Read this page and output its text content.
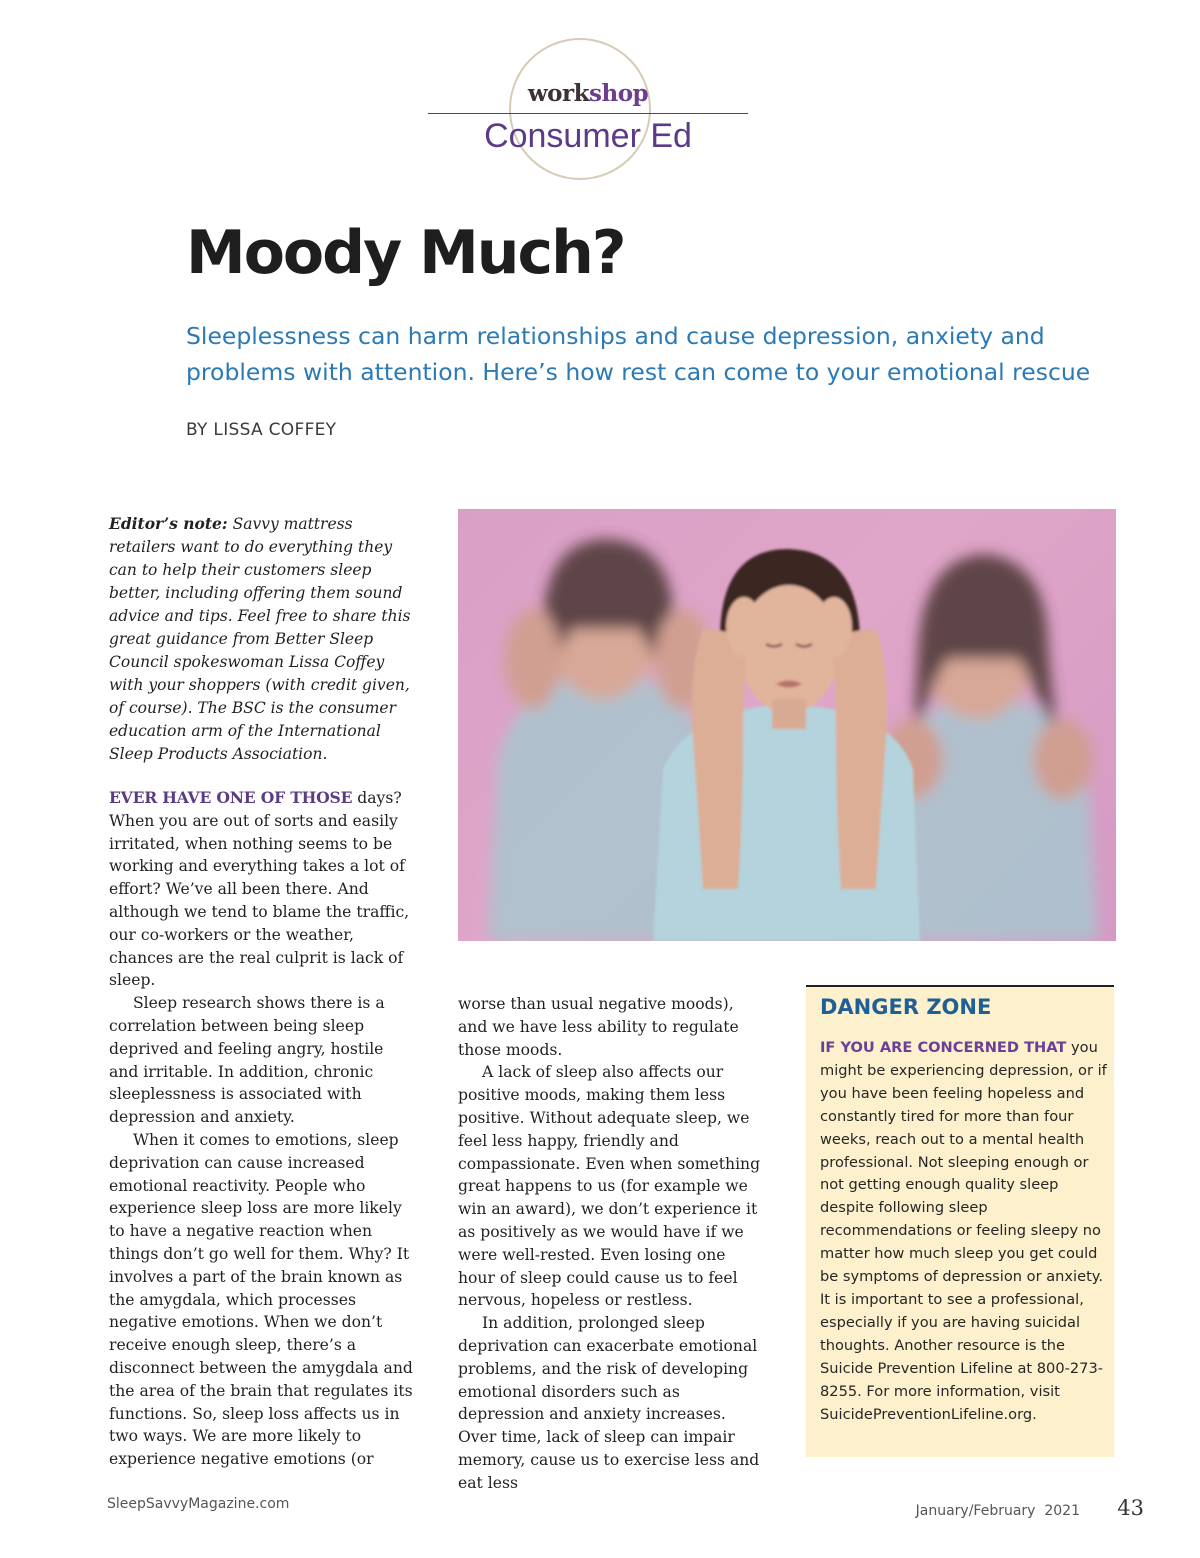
workshop
Consumer Ed
Moody Much?
Sleeplessness can harm relationships and cause depression, anxiety and problems with attention. Here’s how rest can come to your emotional rescue
BY LISSA COFFEY
Editor’s note: Savvy mattress retailers want to do everything they can to help their customers sleep better, including offering them sound advice and tips. Feel free to share this great guidance from Better Sleep Council spokeswoman Lissa Coffey with your shoppers (with credit given, of course). The BSC is the consumer education arm of the International Sleep Products Association.

EVER HAVE ONE OF THOSE days? When you are out of sorts and easily irritated, when nothing seems to be working and everything takes a lot of effort? We’ve all been there. And although we tend to blame the traffic, our co-workers or the weather, chances are the real culprit is lack of sleep.

Sleep research shows there is a correlation between being sleep deprived and feeling angry, hostile and irritable. In addition, chronic sleeplessness is associated with depression and anxiety.

When it comes to emotions, sleep deprivation can cause increased emotional reactivity. People who experience sleep loss are more likely to have a negative reaction when things don’t go well for them. Why? It involves a part of the brain known as the amygdala, which processes negative emotions. When we don’t receive enough sleep, there’s a disconnect between the amygdala and the area of the brain that regulates its functions. So, sleep loss affects us in two ways. We are more likely to experience negative emotions (or

worse than usual negative moods), and we have less ability to regulate those moods.

A lack of sleep also affects our positive moods, making them less positive. Without adequate sleep, we feel less happy, friendly and compassionate. Even when something great happens to us (for example we win an award), we don’t experience it as positively as we would have if we were well-rested. Even losing one hour of sleep could cause us to feel nervous, hopeless or restless.

In addition, prolonged sleep deprivation can exacerbate emotional problems, and the risk of developing emotional disorders such as depression and anxiety increases. Over time, lack of sleep can impair memory, cause us to exercise less and eat less

DANGER ZONE
IF YOU ARE CONCERNED THAT you might be experiencing depression, or if you have been feeling hopeless and constantly tired for more than four weeks, reach out to a mental health professional. Not sleeping enough or not getting enough quality sleep despite following sleep recommendations or feeling sleepy no matter how much sleep you get could be symptoms of depression or anxiety. It is important to see a professional, especially if you are having suicidal thoughts. Another resource is the Suicide Prevention Lifeline at 800-273-8255. For more information, visit SuicidePreventionLifeline.org.
SleepSavvyMagazine.com	January/February  2021 43
